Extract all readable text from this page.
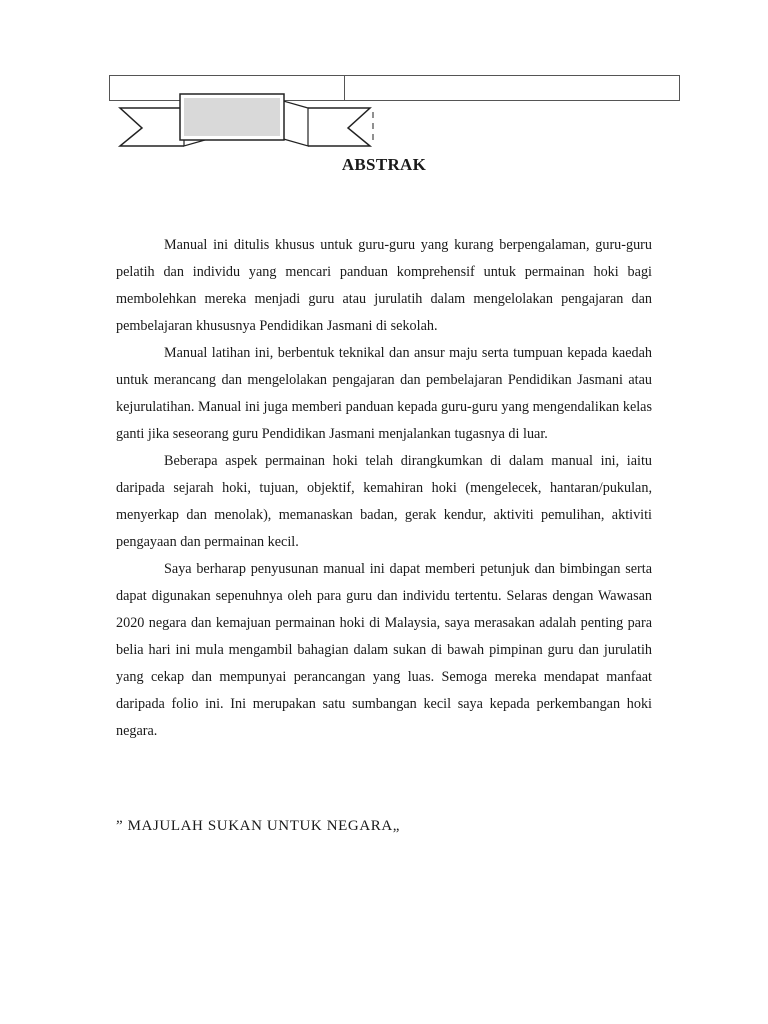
ABSTRAK

Manual ini ditulis khusus untuk guru-guru yang kurang berpengalaman, guru-guru pelatih dan individu yang mencari panduan komprehensif untuk permainan hoki bagi membolehkan mereka menjadi guru atau jurulatih dalam mengelolakan pengajaran dan pembelajaran khususnya Pendidikan Jasmani di sekolah.

Manual latihan ini, berbentuk teknikal dan ansur maju serta tumpuan kepada kaedah untuk merancang dan mengelolakan pengajaran dan pembelajaran Pendidikan Jasmani atau kejurulatihan. Manual ini juga memberi panduan kepada guru-guru yang mengendalikan kelas ganti jika seseorang guru Pendidikan Jasmani menjalankan tugasnya di luar.

Beberapa aspek permainan hoki telah dirangkumkan di dalam manual ini, iaitu daripada sejarah hoki, tujuan, objektif, kemahiran hoki (mengelecek, hantaran/pukulan, menyerkap dan menolak), memanaskan badan, gerak kendur, aktiviti pemulihan, aktiviti pengayaan dan permainan kecil.

Saya berharap penyusunan manual ini dapat memberi petunjuk dan bimbingan serta dapat digunakan sepenuhnya oleh para guru dan individu tertentu. Selaras dengan Wawasan 2020 negara dan kemajuan permainan hoki di Malaysia, saya merasakan adalah penting para belia hari ini mula mengambil bahagian dalam sukan di bawah pimpinan guru dan jurulatih yang cekap dan mempunyai perancangan yang luas. Semoga mereka mendapat manfaat daripada folio ini. Ini merupakan satu sumbangan kecil saya kepada perkembangan hoki negara.

” MAJULAH SUKAN UNTUK NEGARA„
